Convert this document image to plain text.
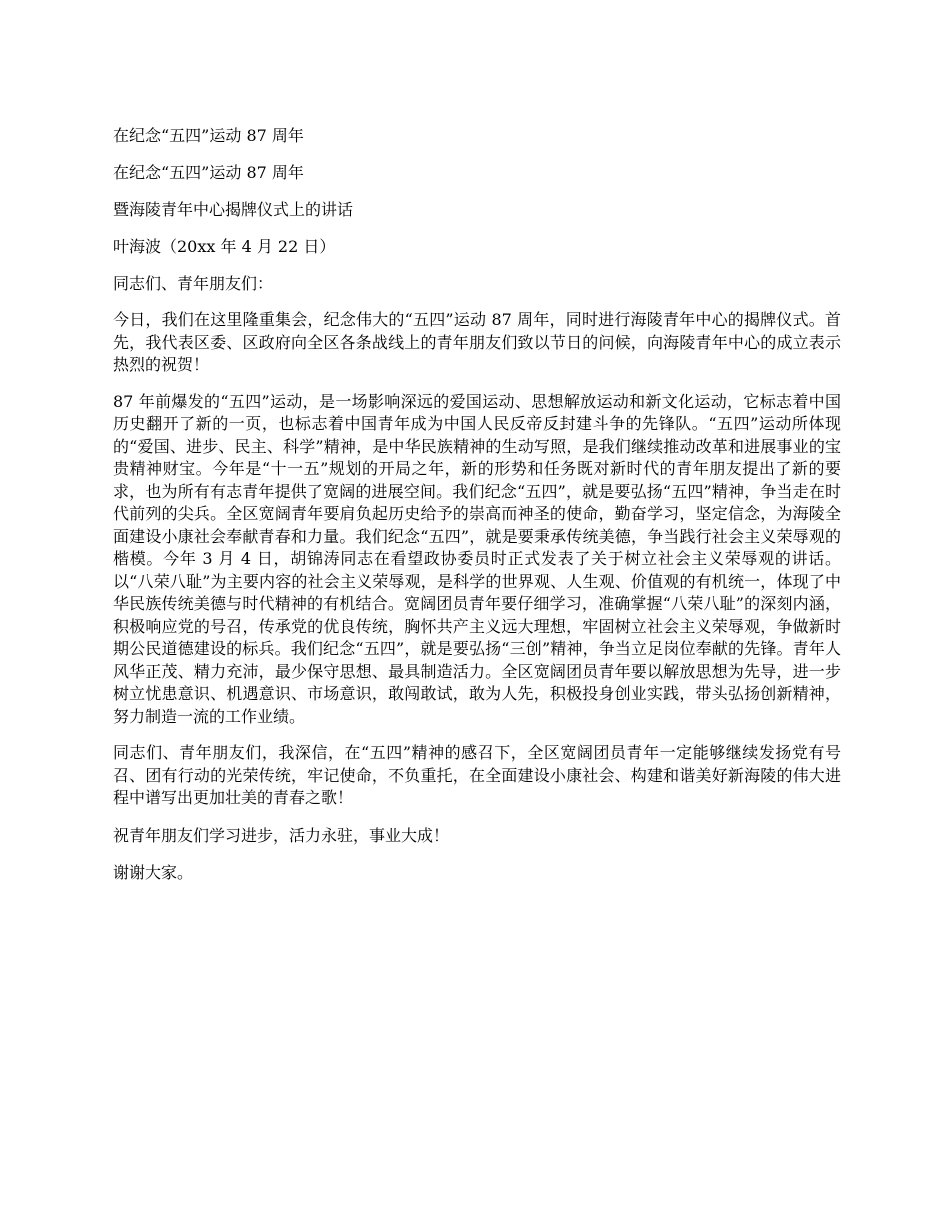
在纪念“五四”运动 87 周年
在纪念“五四”运动 87 周年
暨海陵青年中心揭牌仪式上的讲话
叶海波（20xx 年 4 月 22 日）
同志们、青年朋友们：

今日，我们在这里隆重集会，纪念伟大的“五四”运动 87 周年，同时进行海陵青年中心的揭牌仪式。首先，我代表区委、区政府向全区各条战线上的青年朋友们致以节日的问候，向海陵青年中心的成立表示热烈的祝贺！

87 年前爆发的“五四”运动，是一场影响深远的爱国运动、思想解放运动和新文化运动，它标志着中国历史翻开了新的一页，也标志着中国青年成为中国人民反帝反封建斗争的先锋队。“五四”运动所体现的“爱国、进步、民主、科学”精神，是中华民族精神的生动写照，是我们继续推动改革和进展事业的宝贵精神财宝。今年是“十一五”规划的开局之年，新的形势和任务既对新时代的青年朋友提出了新的要求，也为所有有志青年提供了宽阔的进展空间。我们纪念“五四”，就是要弘扬“五四”精神，争当走在时代前列的尖兵。全区宽阔青年要肩负起历史给予的崇高而神圣的使命，勤奋学习，坚定信念，为海陵全面建设小康社会奉献青春和力量。我们纪念“五四”，就是要秉承传统美德，争当践行社会主义荣辱观的楷模。今年 3 月 4 日，胡锦涛同志在看望政协委员时正式发表了关于树立社会主义荣辱观的讲话。以“八荣八耻”为主要内容的社会主义荣辱观，是科学的世界观、人生观、价值观的有机统一，体现了中华民族传统美德与时代精神的有机结合。宽阔团员青年要仔细学习，准确掌握“八荣八耻”的深刻内涵，积极响应党的号召，传承党的优良传统，胸怀共产主义远大理想，牢固树立社会主义荣辱观，争做新时期公民道德建设的标兵。我们纪念“五四”，就是要弘扬“三创”精神，争当立足岗位奉献的先锋。青年人风华正茂、精力充沛，最少保守思想、最具制造活力。全区宽阔团员青年要以解放思想为先导，进一步树立忧患意识、机遇意识、市场意识，敢闯敢试，敢为人先，积极投身创业实践，带头弘扬创新精神，努力制造一流的工作业绩。

同志们、青年朋友们，我深信，在“五四”精神的感召下，全区宽阔团员青年一定能够继续发扬党有号召、团有行动的光荣传统，牢记使命，不负重托，在全面建设小康社会、构建和谐美好新海陵的伟大进程中谱写出更加壮美的青春之歌！

祝青年朋友们学习进步，活力永驻，事业大成！
谢谢大家。
